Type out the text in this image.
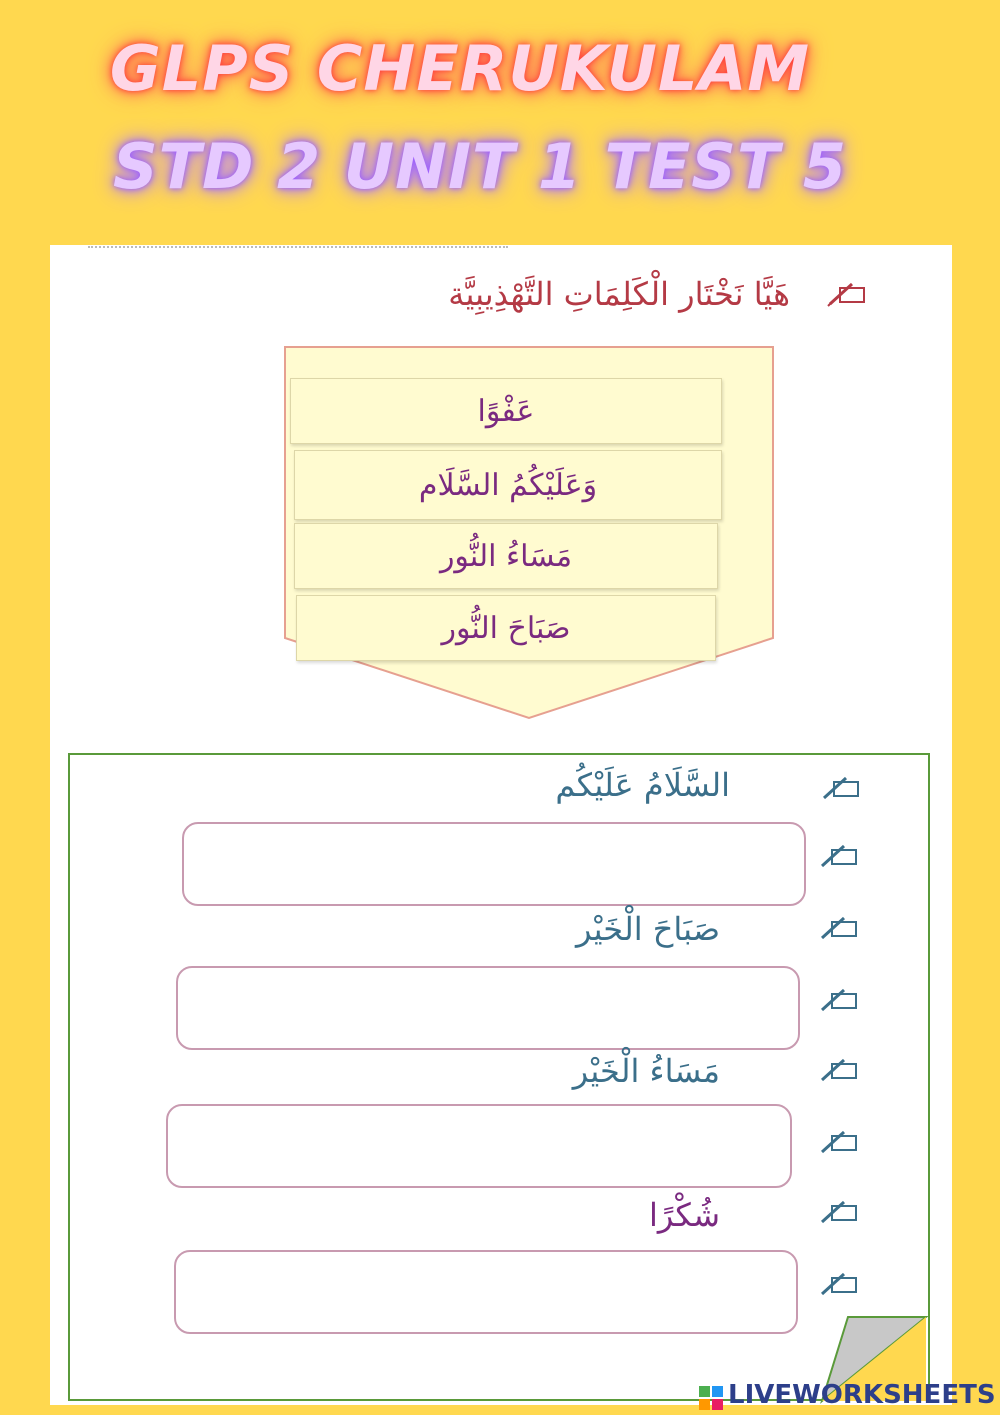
GLPS CHERUKULAM
STD 2 UNIT 1 TEST 5
هَيَّا نَخْتَار الْكَلِمَاتِ التَّهْذِيبِيَّة
عَفْوًا
وَعَلَيْكُمُ السَّلَام
مَسَاءُ النُّور
صَبَاحَ النُّور
السَّلَامُ عَلَيْكُم
صَبَاحَ الْخَيْر
مَسَاءُ الْخَيْر
شُكْرًا
LIVEWORKSHEETS
